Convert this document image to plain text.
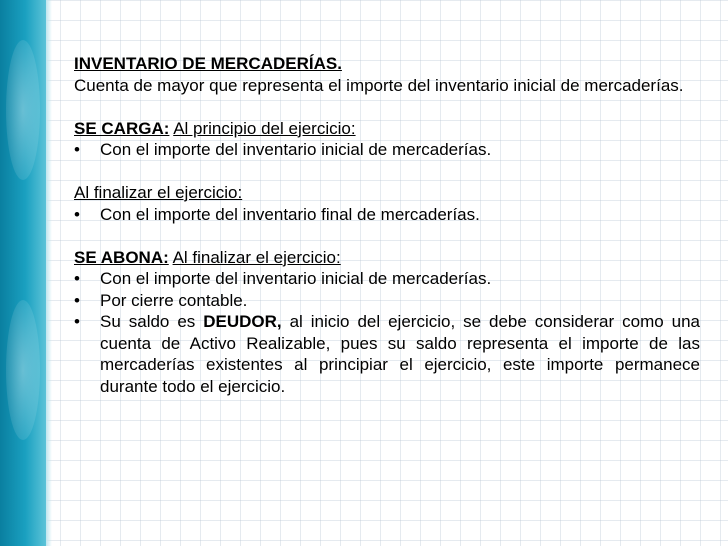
INVENTARIO DE MERCADERÍAS.

Cuenta de mayor que representa el importe del inventario inicial de mercaderías.

SE CARGA: Al principio del ejercicio:

• Con el importe del inventario inicial de mercaderías.

Al finalizar el ejercicio:

• Con el importe del inventario final de mercaderías.

SE ABONA: Al finalizar el ejercicio:

• Con el importe del inventario inicial de mercaderías.

• Por cierre contable.

• Su saldo es DEUDOR, al inicio del ejercicio, se debe considerar como una cuenta de Activo Realizable, pues su saldo representa el importe de las mercaderías existentes al principiar el ejercicio, este importe permanece durante todo el ejercicio.
